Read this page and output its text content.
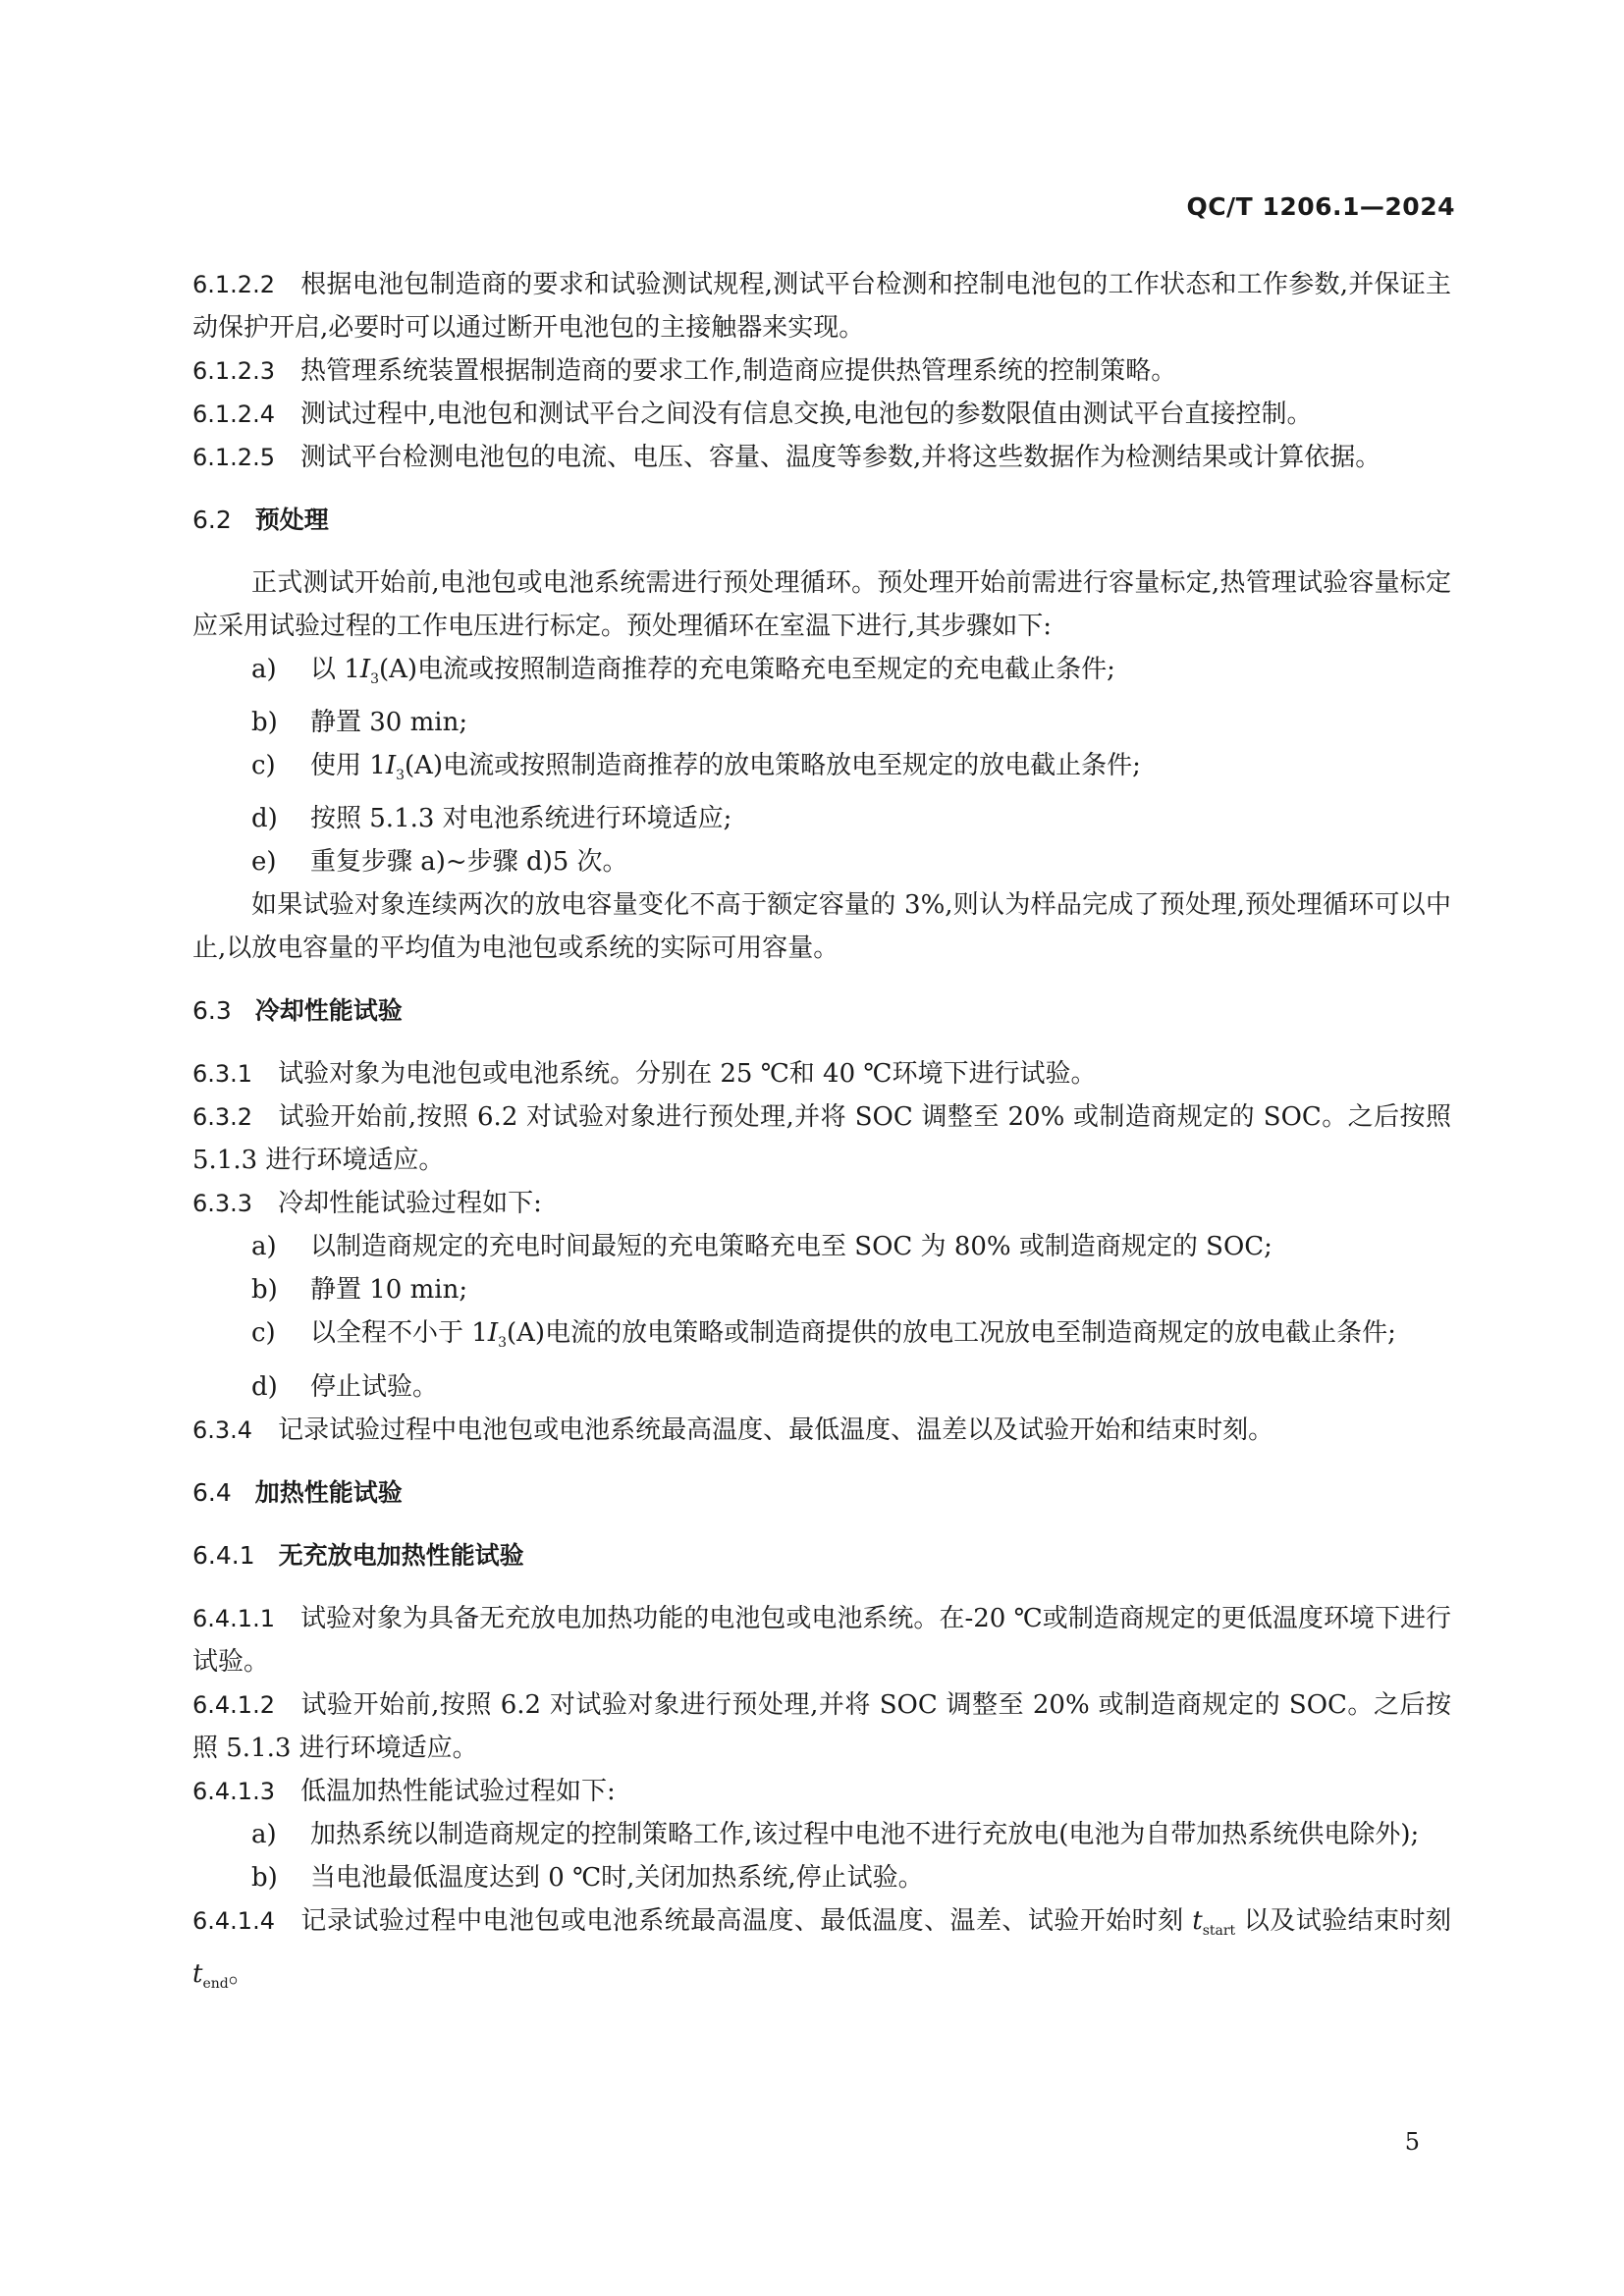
QC/T 1206.1—2024

6.1.2.2 根据电池包制造商的要求和试验测试规程,测试平台检测和控制电池包的工作状态和工作参数,并保证主动保护开启,必要时可以通过断开电池包的主接触器来实现。

6.1.2.3 热管理系统装置根据制造商的要求工作,制造商应提供热管理系统的控制策略。

6.1.2.4 测试过程中,电池包和测试平台之间没有信息交换,电池包的参数限值由测试平台直接控制。

6.1.2.5 测试平台检测电池包的电流、电压、容量、温度等参数,并将这些数据作为检测结果或计算依据。

6.2 预处理

正式测试开始前,电池包或电池系统需进行预处理循环。预处理开始前需进行容量标定,热管理试验容量标定应采用试验过程的工作电压进行标定。预处理循环在室温下进行,其步骤如下:

a) 以 $1I_3(A)$电流或按照制造商推荐的充电策略充电至规定的充电截止条件;

b) 静置 30 min;

c) 使用 $1I_3(A)$电流或按照制造商推荐的放电策略放电至规定的放电截止条件;

d) 按照 5.1.3 对电池系统进行环境适应;

e) 重复步骤 a)~步骤 d)5 次。

如果试验对象连续两次的放电容量变化不高于额定容量的 3%,则认为样品完成了预处理,预处理循环可以中止,以放电容量的平均值为电池包或系统的实际可用容量。

6.3 冷却性能试验

6.3.1 试验对象为电池包或电池系统。分别在 25 ℃和 40 ℃环境下进行试验。

6.3.2 试验开始前,按照 6.2 对试验对象进行预处理,并将 SOC 调整至 20% 或制造商规定的 SOC。之后按照 5.1.3 进行环境适应。

6.3.3 冷却性能试验过程如下:

a) 以制造商规定的充电时间最短的充电策略充电至 SOC 为 80% 或制造商规定的 SOC;

b) 静置 10 min;

c) 以全程不小于 $1I_3(A)$电流的放电策略或制造商提供的放电工况放电至制造商规定的放电截止条件;

d) 停止试验。

6.3.4 记录试验过程中电池包或电池系统最高温度、最低温度、温差以及试验开始和结束时刻。

6.4 加热性能试验
6.4.1 无充放电加热性能试验

6.4.1.1 试验对象为具备无充放电加热功能的电池包或电池系统。在-20 ℃或制造商规定的更低温度环境下进行试验。

6.4.1.2 试验开始前,按照 6.2 对试验对象进行预处理,并将 SOC 调整至 20% 或制造商规定的 SOC。之后按照 5.1.3 进行环境适应。

6.4.1.3 低温加热性能试验过程如下:

a) 加热系统以制造商规定的控制策略工作,该过程中电池不进行充放电(电池为自带加热系统供电除外);

b) 当电池最低温度达到 0 ℃时,关闭加热系统,停止试验。

6.4.1.4 记录试验过程中电池包或电池系统最高温度、最低温度、温差、试验开始时刻 $t_{start}$ 以及试验结束时刻 $t_{end}$。

5
